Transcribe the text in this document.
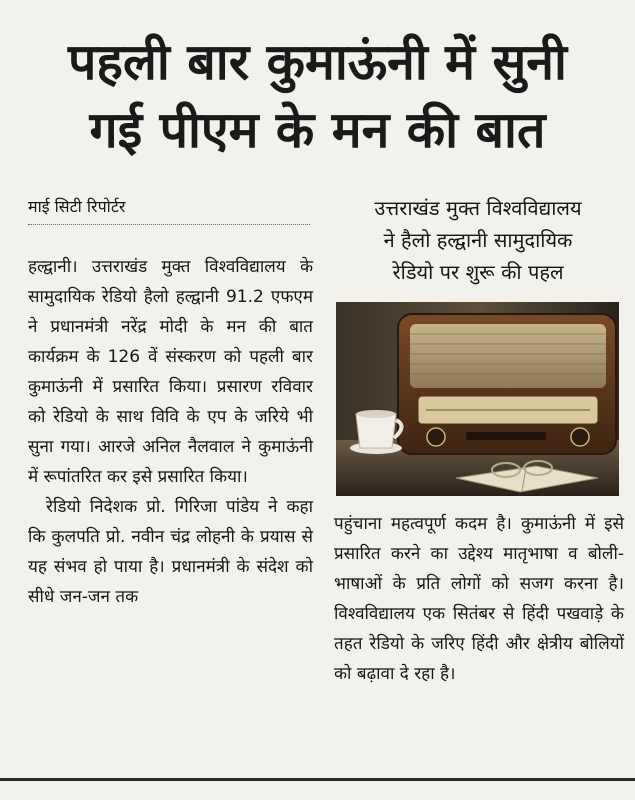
पहली बार कुमाऊंनी में सुनी
गई पीएम के मन की बात
माई सिटी रिपोर्टर

हल्द्वानी। उत्तराखंड मुक्त विश्वविद्यालय के सामुदायिक रेडियो हैलो हल्द्वानी 91.2 एफएम ने प्रधानमंत्री नरेंद्र मोदी के मन की बात कार्यक्रम के 126 वें संस्करण को पहली बार कुमाऊंनी में प्रसारित किया। प्रसारण रविवार को रेडियो के साथ विवि के एप के जरिये भी सुना गया। आरजे अनिल नैलवाल ने कुमाऊंनी में रूपांतरित कर इसे प्रसारित किया।

रेडियो निदेशक प्रो. गिरिजा पांडेय ने कहा कि कुलपति प्रो. नवीन चंद्र लोहनी के प्रयास से यह संभव हो पाया है। प्रधानमंत्री के संदेश को सीधे जन-जन तक

उत्तराखंड मुक्त विश्वविद्यालय
ने हैलो हल्द्वानी सामुदायिक
रेडियो पर शुरू की पहल

पहुंचाना महत्वपूर्ण कदम है। कुमाऊंनी में इसे प्रसारित करने का उद्देश्य मातृभाषा व बोली-भाषाओं के प्रति लोगों को सजग करना है। विश्वविद्यालय एक सितंबर से हिंदी पखवाड़े के तहत रेडियो के जरिए हिंदी और क्षेत्रीय बोलियों को बढ़ावा दे रहा है।
